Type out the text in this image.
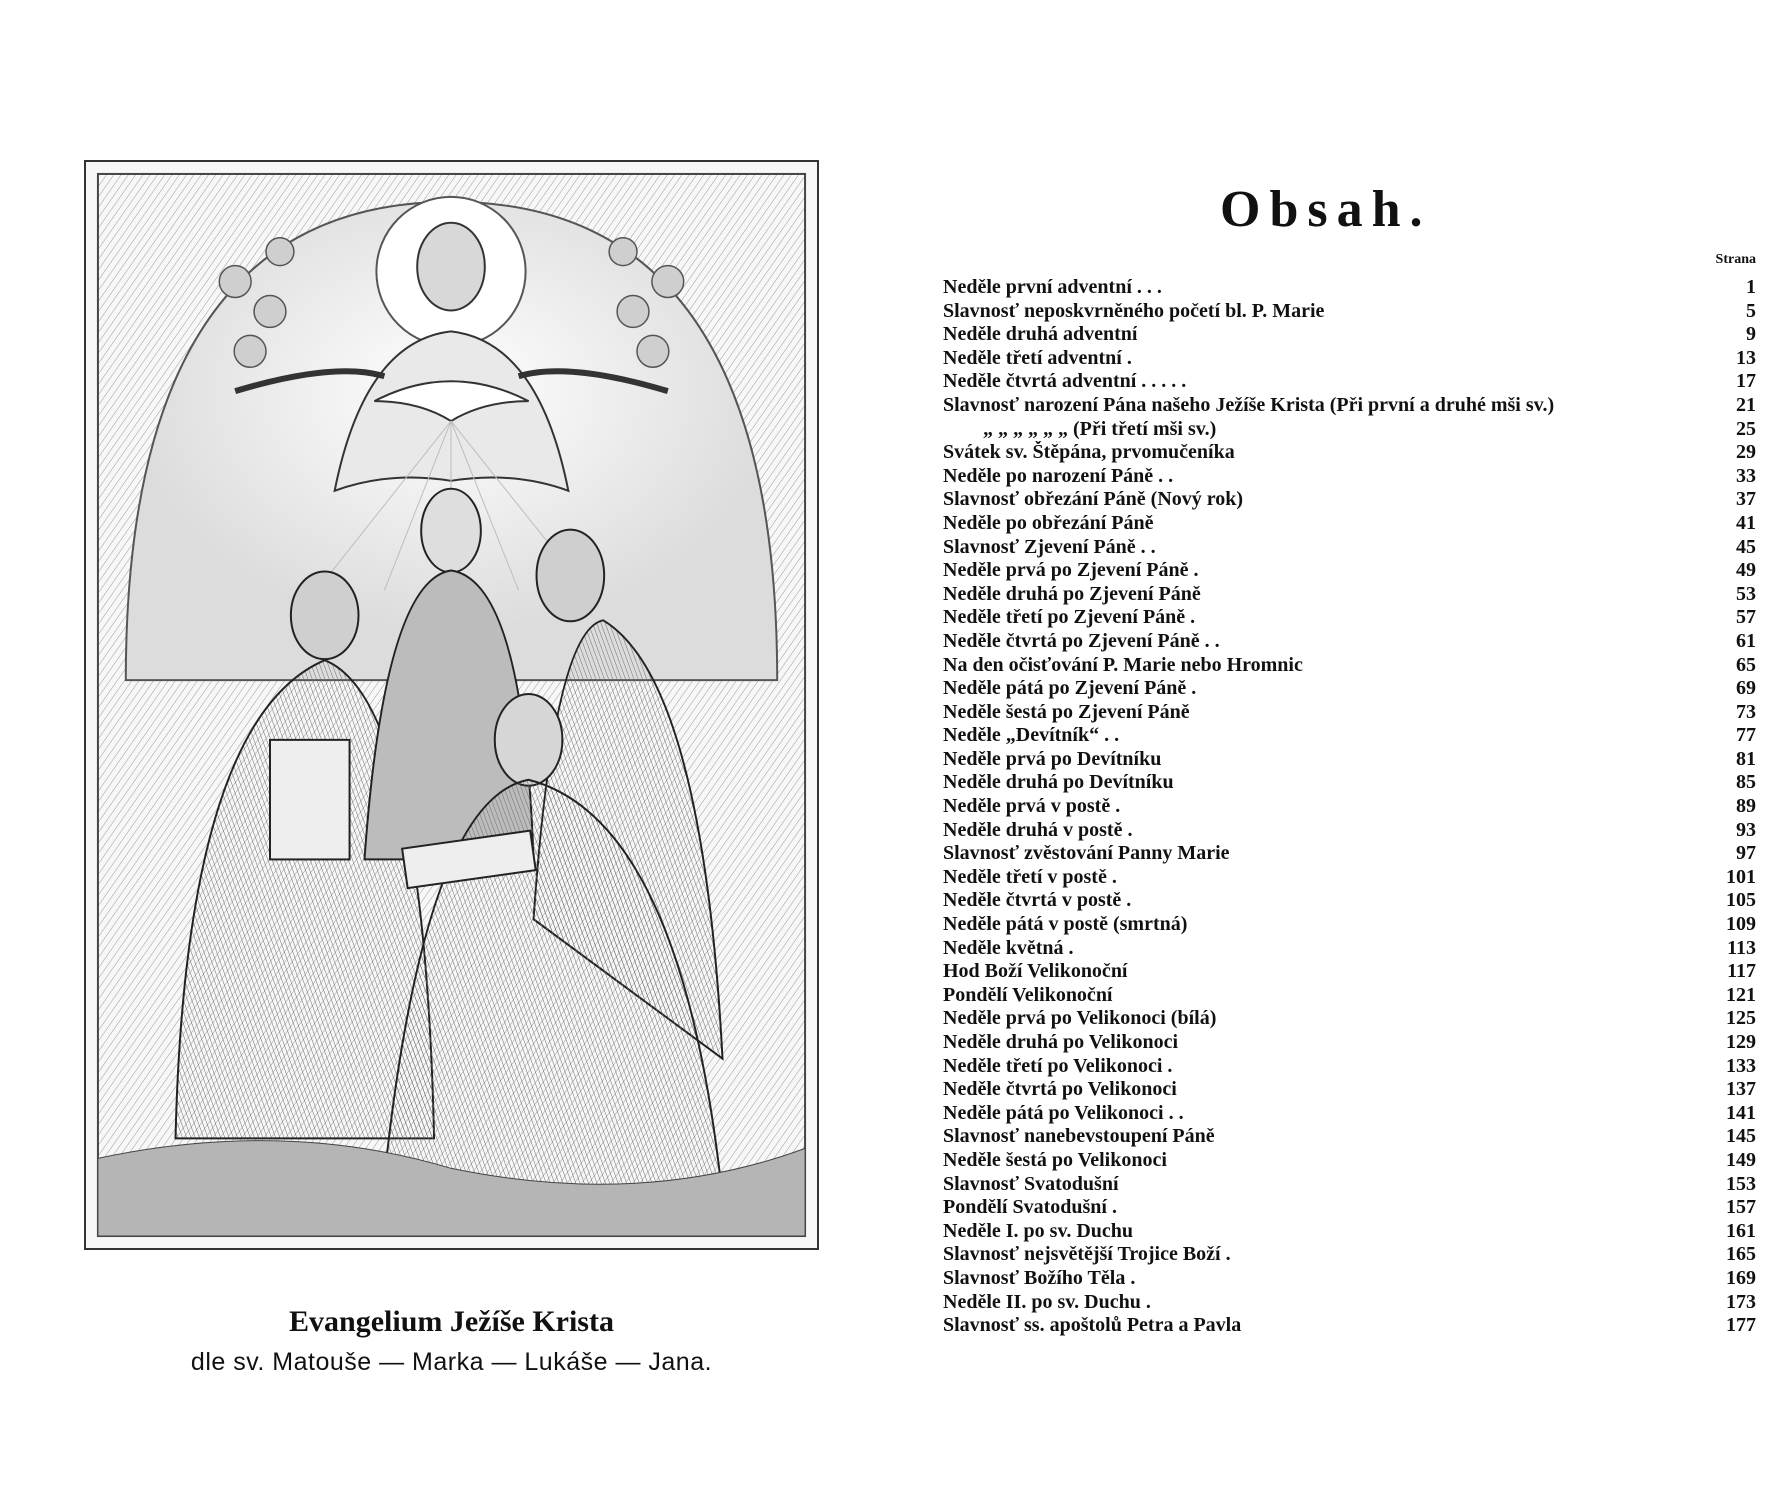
Evangelium Ježíše Krista
dle sv. Matouše — Marka — Lukáše — Jana.
Obsah.
Strana
Neděle první adventní . . .	1
Slavnosť neposkvrněného početí bl. P. Marie	5
Neděle druhá adventní	9
Neděle třetí adventní .	13
Neděle čtvrtá adventní . . . . .	17
Slavnosť narození Pána našeho Ježíše Krista (Při první a druhé mši sv.)	21
„ „ „ „ „ „ (Při třetí mši sv.)	25
Svátek sv. Štěpána, prvomučeníka	29
Neděle po narození Páně . .	33
Slavnosť obřezání Páně (Nový rok)	37
Neděle po obřezání Páně	41
Slavnosť Zjevení Páně . .	45
Neděle prvá po Zjevení Páně .	49
Neděle druhá po Zjevení Páně	53
Neděle třetí po Zjevení Páně .	57
Neděle čtvrtá po Zjevení Páně . .	61
Na den očisťování P. Marie nebo Hromnic	65
Neděle pátá po Zjevení Páně .	69
Neděle šestá po Zjevení Páně	73
Neděle „Devítník“ . .	77
Neděle prvá po Devítníku	81
Neděle druhá po Devítníku	85
Neděle prvá v postě .	89
Neděle druhá v postě .	93
Slavnosť zvěstování Panny Marie	97
Neděle třetí v postě .	101
Neděle čtvrtá v postě .	105
Neděle pátá v postě (smrtná)	109
Neděle květná .	113
Hod Boží Velikonoční	117
Pondělí Velikonoční	121
Neděle prvá po Velikonoci (bílá)	125
Neděle druhá po Velikonoci	129
Neděle třetí po Velikonoci .	133
Neděle čtvrtá po Velikonoci	137
Neděle pátá po Velikonoci . .	141
Slavnosť nanebevstoupení Páně	145
Neděle šestá po Velikonoci	149
Slavnosť Svatodušní	153
Pondělí Svatodušní .	157
Neděle I. po sv. Duchu	161
Slavnosť nejsvětější Trojice Boží .	165
Slavnosť Božího Těla .	169
Neděle II. po sv. Duchu .	173
Slavnosť ss. apoštolů Petra a Pavla	177
